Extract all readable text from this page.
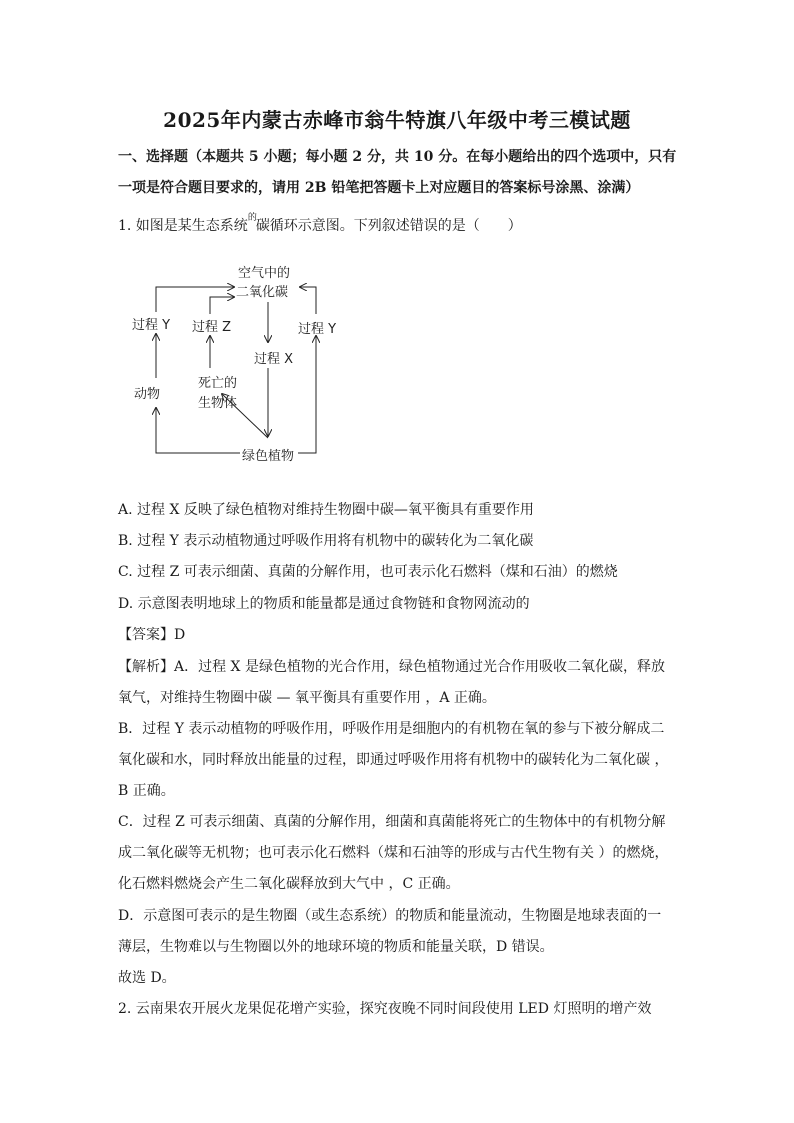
2025年内蒙古赤峰市翁牛特旗八年级中考三模试题
一、选择题（本题共 5 小题；每小题 2 分，共 10 分。在每小题给出的四个选项中，只有
一项是符合题目要求的，请用 2B 铅笔把答题卡上对应题目的答案标号涂黑、涂满）
1. 如图是某生态系统 的
碳循环示意图。下列叙述错误的是（　　）
空气中的
二氧化碳
过程 Y 过程 Z	过程 Y
过程 X
动物
死亡的
生物体
绿色植物
A. 过程 X 反映了绿色植物对维持生物圈中碳—氧平衡具有重要作用
B. 过程 Y 表示动植物通过呼吸作用将有机物中的碳转化为二氧化碳
C. 过程 Z 可表示细菌、真菌的分解作用，也可表示化石燃料（煤和石油）的燃烧
D. 示意图表明地球上的物质和能量都是通过食物链和食物网流动的
【答案】D
【解析】A．过程 X 是绿色植物的光合作用，绿色植物通过光合作用吸收二氧化碳，释放
氧气，对维持生物圈中碳 — 氧平衡具有重要作用 ，A 正确。
B．过程 Y 表示动植物的呼吸作用，呼吸作用是细胞内的有机物在氧的参与下被分解成二
氧化碳和水，同时释放出能量的过程，即通过呼吸作用将有机物中的碳转化为二氧化碳 ，
B 正确。
C．过程 Z 可表示细菌、真菌的分解作用，细菌和真菌能将死亡的生物体中的有机物分解
成二氧化碳等无机物；也可表示化石燃料（煤和石油等的形成与古代生物有关 ）的燃烧，
化石燃料燃烧会产生二氧化碳释放到大气中 ，C 正确。
D．示意图可表示的是生物圈（或生态系统）的物质和能量流动，生物圈是地球表面的一
薄层，生物难以与生物圈以外的地球环境的物质和能量关联，D 错误。
故选 D。
2. 云南果农开展火龙果促花增产实验，探究夜晚不同时间段使用 LED 灯照明的增产效
